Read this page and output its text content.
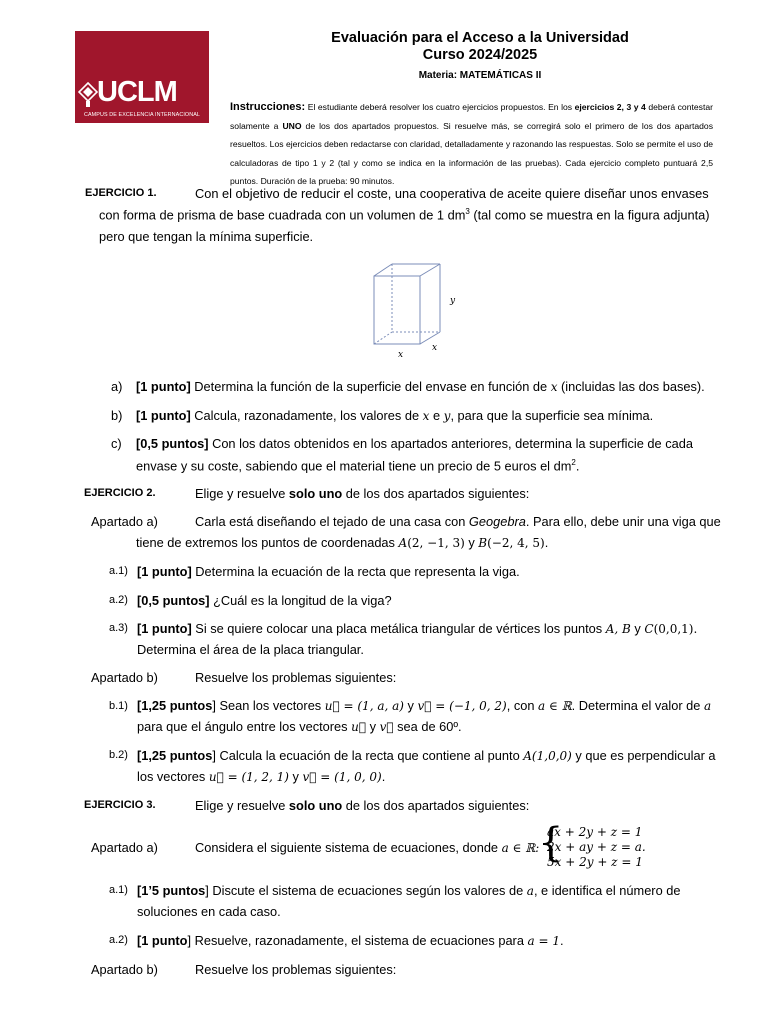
UCLM
CAMPUS DE EXCELENCIA INTERNACIONAL
Evaluación para el Acceso a la Universidad
Curso 2024/2025
Materia: MATEMÁTICAS II
Instrucciones: El estudiante deberá resolver los cuatro ejercicios propuestos. En los ejercicios 2, 3 y 4 deberá contestar solamente a UNO de los dos apartados propuestos. Si resuelve más, se corregirá solo el primero de los dos apartados resueltos. Los ejercicios deben redactarse con claridad, detalladamente y razonando las respuestas. Solo se permite el uso de calculadoras de tipo 1 y 2 (tal y como se indica en la información de las pruebas). Cada ejercicio completo puntuará 2,5 puntos. Duración de la prueba: 90 minutos.
EJERCICIO 1.	Con el objetivo de reducir el coste, una cooperativa de aceite quiere diseñar unos envases
con forma de prisma de base cuadrada con un volumen de 1 $dm^3$ (tal como se muestra en la figura adjunta)
pero que tengan la mínima superficie.
y
x
x
a) [1 punto] Determina la función de la superficie del envase en función de x (incluidas las dos bases).
b) [1 punto] Calcula, razonadamente, los valores de x e y, para que la superficie sea mínima.
c) [0,5 puntos] Con los datos obtenidos en los apartados anteriores, determina la superficie de cada
envase y su coste, sabiendo que el material tiene un precio de 5 euros el $dm^2$.
EJERCICIO 2.	Elige y resuelve solo uno de los dos apartados siguientes:
Apartado a)	Carla está diseñando el tejado de una casa con Geogebra. Para ello, debe unir una viga que
tiene de extremos los puntos de coordenadas A(2, −1, 3) y B(−2, 4, 5).
a.1) [1 punto] Determina la ecuación de la recta que representa la viga.
a.2) [0,5 puntos] ¿Cuál es la longitud de la viga?
a.3) [1 punto] Si se quiere colocar una placa metálica triangular de vértices los puntos A, B y C(0,0,1).
Determina el área de la placa triangular.
Apartado b)	Resuelve los problemas siguientes:
b.1) [1,25 puntos] Sean los vectores u⃗ = (1, a, a) y v⃗ = (−1, 0, 2), con a ∈ ℝ. Determina el valor de a
para que el ángulo entre los vectores u⃗ y v⃗ sea de 60º.
b.2) [1,25 puntos] Calcula la ecuación de la recta que contiene al punto A(1,0,0) y que es perpendicular a
los vectores u⃗ = (1, 2, 1) y v⃗ = (1, 0, 0).
EJERCICIO 3.	Elige y resuelve solo uno de los dos apartados siguientes:
Apartado a)	Considera el siguiente sistema de ecuaciones, donde a ∈ ℝ:
{
ax + 2y + z = 1
2x + ay + z = a.
5x + 2y + z = 1
a.1) [1’5 puntos] Discute el sistema de ecuaciones según los valores de a, e identifica el número de
soluciones en cada caso.
a.2) [1 punto] Resuelve, razonadamente, el sistema de ecuaciones para a = 1.
Apartado b)	Resuelve los problemas siguientes:
